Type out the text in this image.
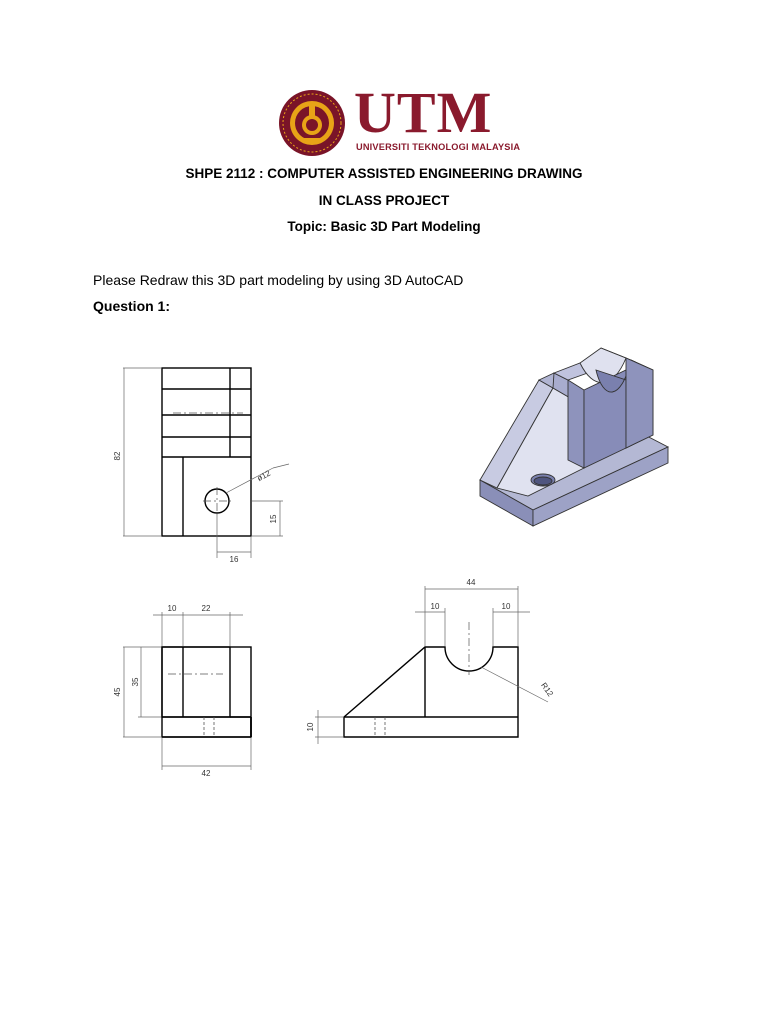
UTM
UNIVERSITI TEKNOLOGI MALAYSIA
SHPE 2112 : COMPUTER ASSISTED ENGINEERING DRAWING
IN CLASS PROJECT
Topic: Basic 3D Part Modeling
Please Redraw this 3D part modeling by using 3D AutoCAD
Question 1:
82
ø12
15
16
10	22
45
35
42
44
10	10
R12
10
